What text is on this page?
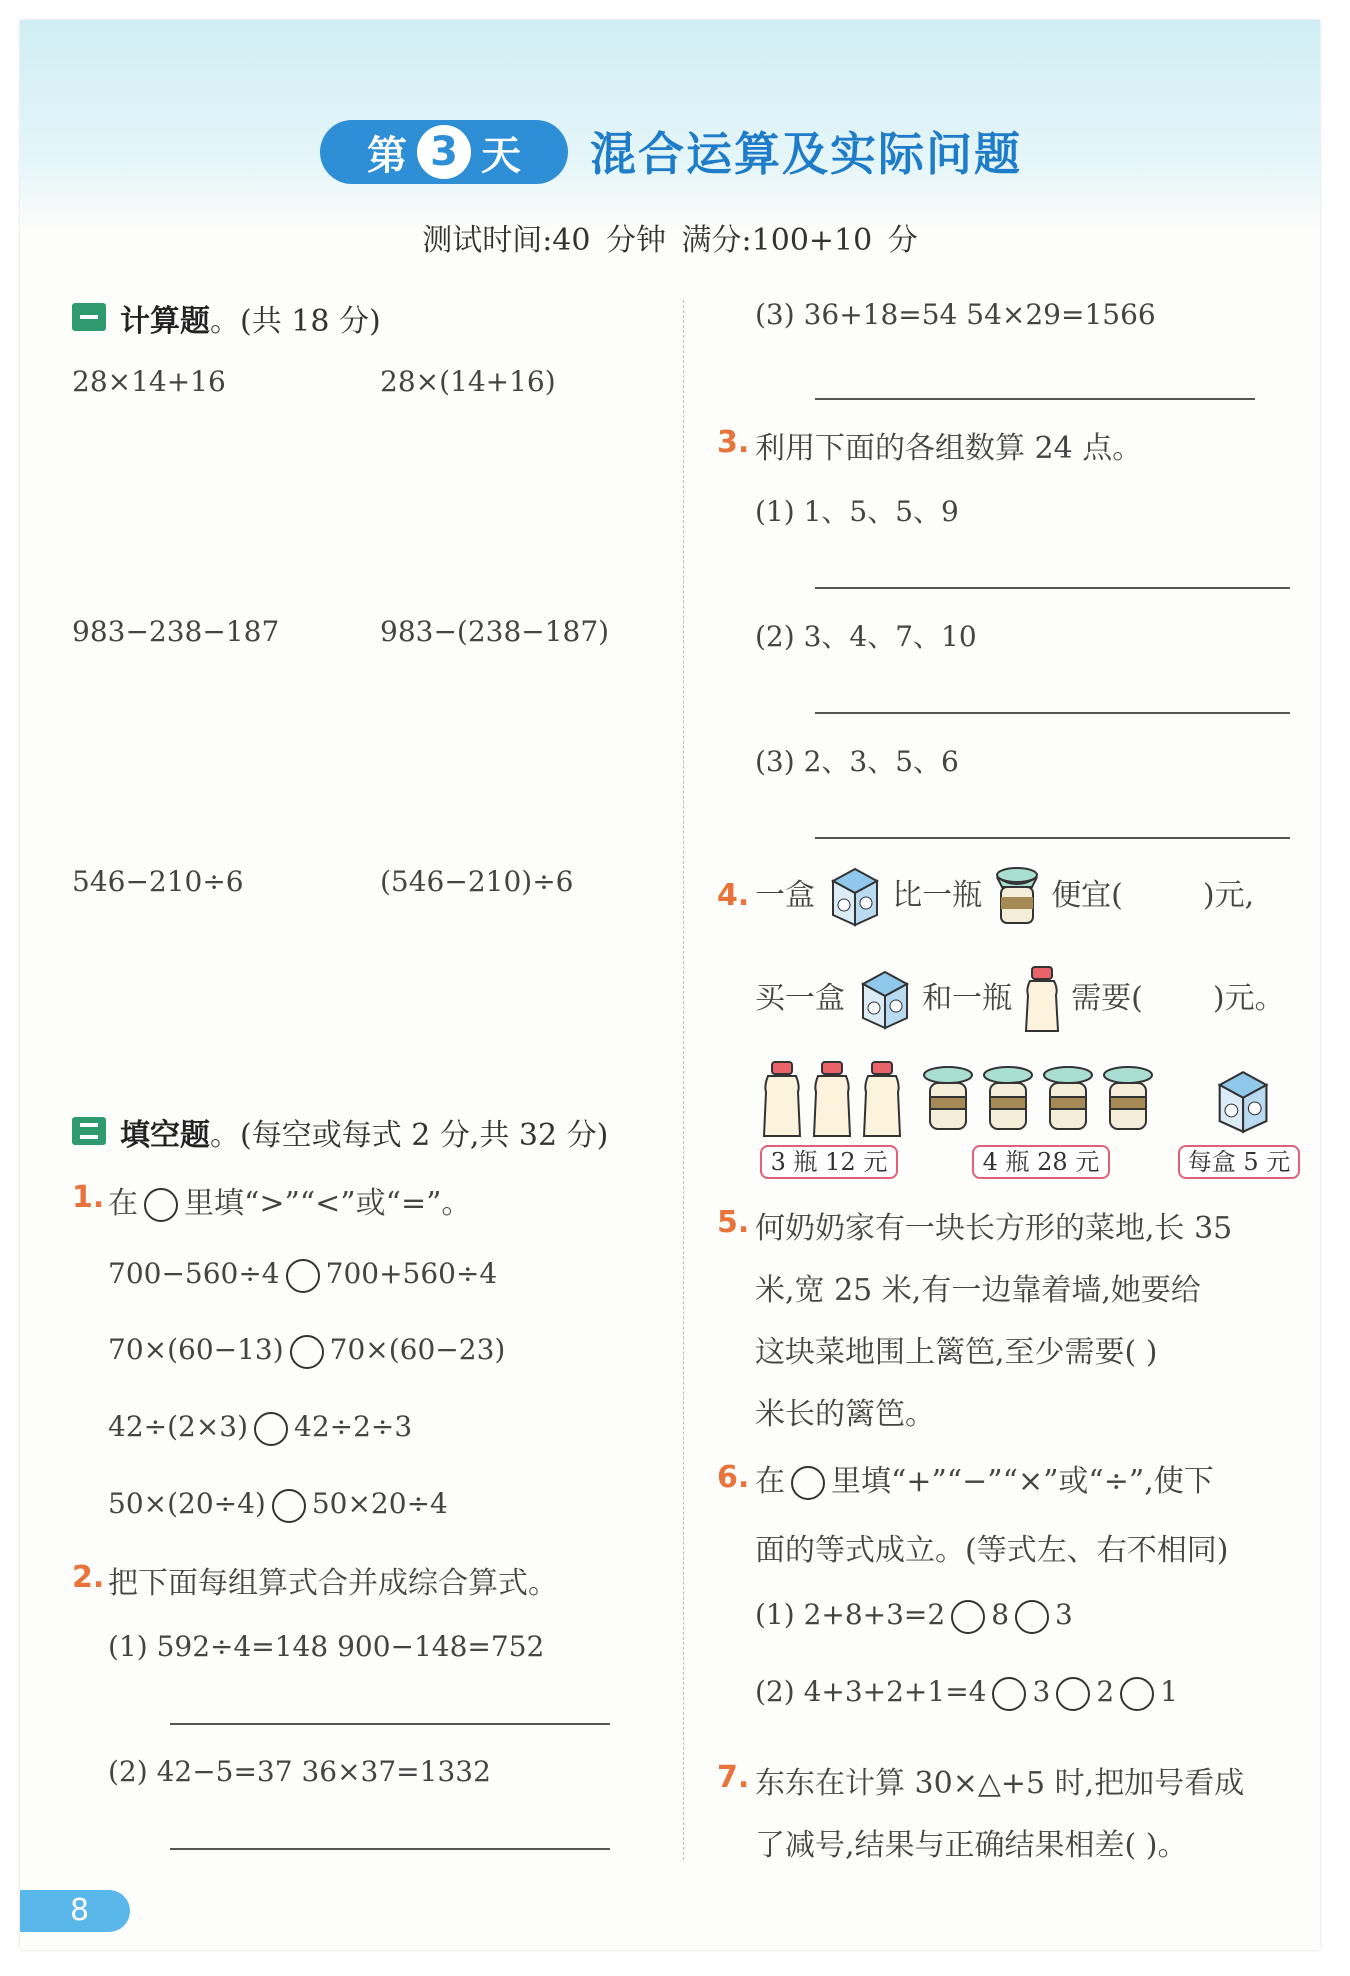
第 3 天 混合运算及实际问题
测试时间:40 分钟 满分:100+10 分
计算题。(共 18 分)
28×14+16	28×(14+16)
983−238−187	983−(238−187)
546−210÷6	(546−210)÷6
填空题。(每空或每式 2 分,共 32 分)
1. 在 里填“>”“<”或“=”。
700−560÷4 700+560÷4
70×(60−13) 70×(60−23)
42÷(2×3) 42÷2÷3
50×(20÷4) 50×20÷4
2. 把下面每组算式合并成综合算式。
(1) 592÷4=148 900−148=752
(2) 42−5=37 36×37=1332
(3) 36+18=54 54×29=1566
3. 利用下面的各组数算 24 点。
(1) 1、5、5、9
(2) 3、4、7、10
(3) 2、3、5、6
4. 一盒	比一瓶 便宜(	)元,
买一盒	和一瓶 需要( )元。
3 瓶 12 元	4 瓶 28 元	每盒 5 元
5. 何奶奶家有一块长方形的菜地,长 35
米,宽 25 米,有一边靠着墙,她要给
这块菜地围上篱笆,至少需要( )
米长的篱笆。
6. 在 里填“+”“−”“×”或“÷”,使下
面的等式成立。(等式左、右不相同)
(1) 2+8+3=2 8 3
(2) 4+3+2+1=4 3 2 1
7. 东东在计算 30×△+5 时,把加号看成
了减号,结果与正确结果相差( )。
8
